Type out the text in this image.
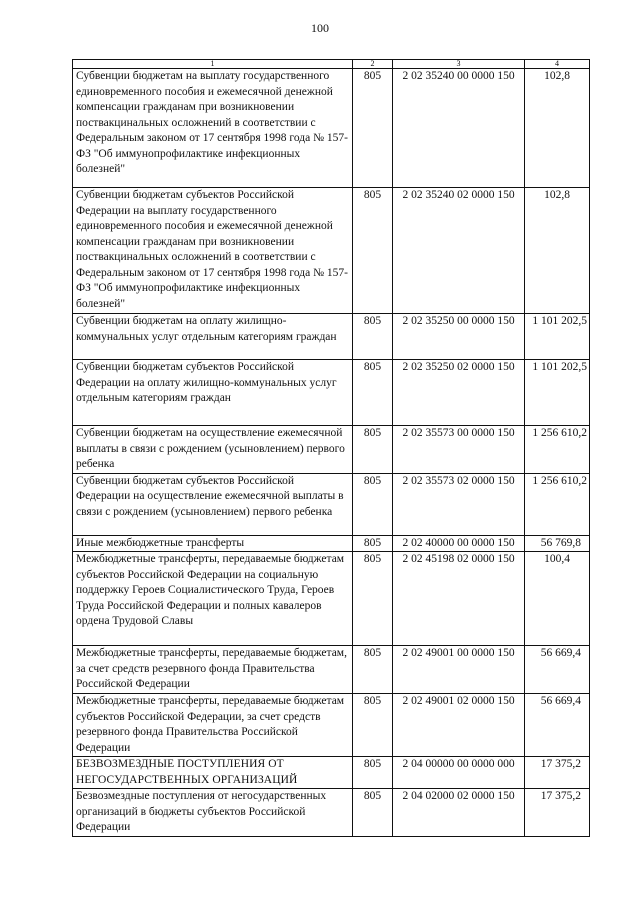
100
1	2	3	4
Субвенции бюджетам на выплату государственного единовременного пособия и ежемесячной денежной компенсации гражданам при возникновении поствакцинальных осложнений в соответствии с Федеральным законом от 17 сентября 1998 года № 157-ФЗ "Об иммунопрофилактике инфекционных болезней"	805	2 02 35240 00 0000 150	102,8
Субвенции бюджетам субъектов Российской Федерации на выплату государственного единовременного пособия и ежемесячной денежной компенсации гражданам при возникновении поствакцинальных осложнений в соответствии с Федеральным законом от 17 сентября 1998 года № 157-ФЗ "Об иммунопрофилактике инфекционных болезней"	805	2 02 35240 02 0000 150	102,8
Субвенции бюджетам на оплату жилищно-коммунальных услуг отдельным категориям граждан	805	2 02 35250 00 0000 150	1 101 202,5
Субвенции бюджетам субъектов Российской Федерации на оплату жилищно-коммунальных услуг отдельным категориям граждан	805	2 02 35250 02 0000 150	1 101 202,5
Субвенции бюджетам на осуществление ежемесячной выплаты в связи с рождением (усыновлением) первого ребенка	805	2 02 35573 00 0000 150	1 256 610,2
Субвенции бюджетам субъектов Российской Федерации на осуществление ежемесячной выплаты в связи с рождением (усыновлением) первого ребенка	805	2 02 35573 02 0000 150	1 256 610,2
Иные межбюджетные трансферты	805	2 02 40000 00 0000 150	56 769,8
Межбюджетные трансферты, передаваемые бюджетам субъектов Российской Федерации на социальную поддержку Героев Социалистического Труда, Героев Труда Российской Федерации и полных кавалеров ордена Трудовой Славы	805	2 02 45198 02 0000 150	100,4
Межбюджетные трансферты, передаваемые бюджетам, за счет средств резервного фонда Правительства Российской Федерации	805	2 02 49001 00 0000 150	56 669,4
Межбюджетные трансферты, передаваемые бюджетам субъектов Российской Федерации, за счет средств резервного фонда Правительства Российской Федерации	805	2 02 49001 02 0000 150	56 669,4
БЕЗВОЗМЕЗДНЫЕ ПОСТУПЛЕНИЯ ОТ НЕГОСУДАРСТВЕННЫХ ОРГАНИЗАЦИЙ	805	2 04 00000 00 0000 000	17 375,2
Безвозмездные поступления от негосударственных организаций в бюджеты субъектов Российской Федерации	805	2 04 02000 02 0000 150	17 375,2
